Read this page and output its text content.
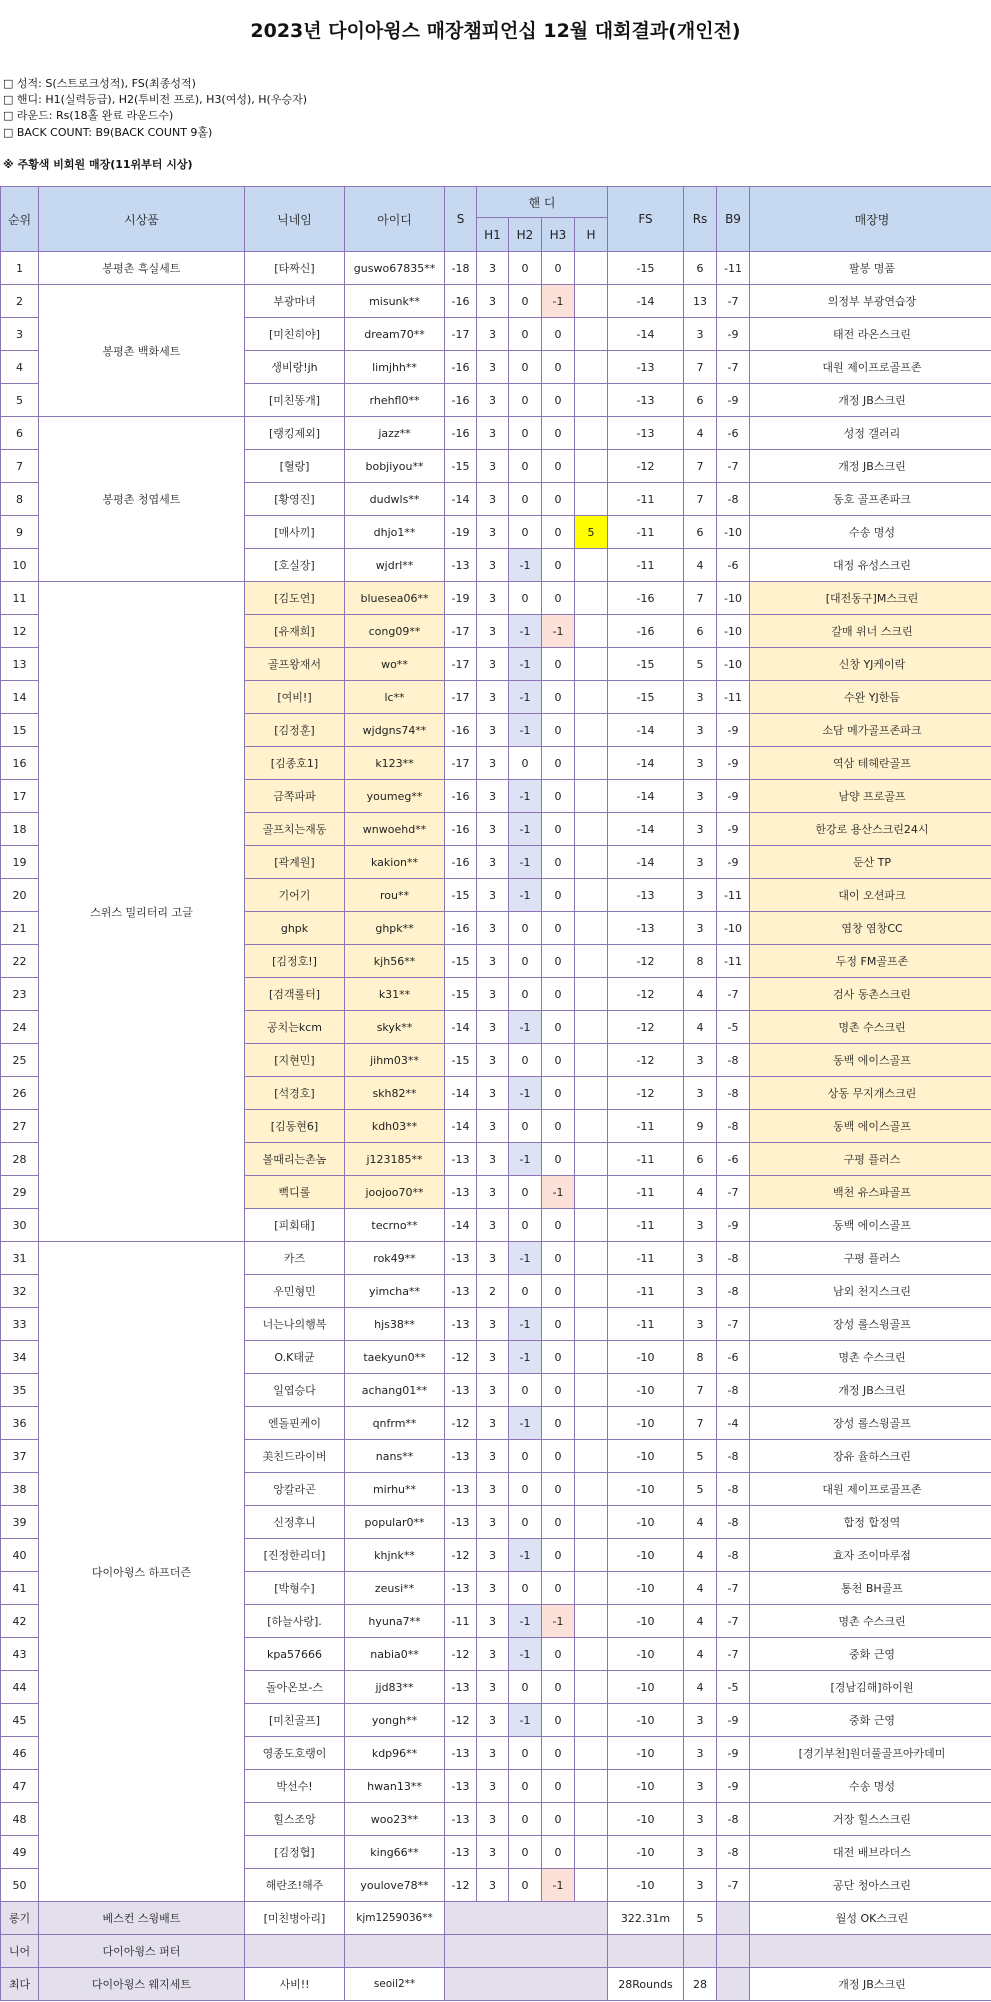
2023년 다이아윙스 매장챔피언십 12월 대회결과(개인전)
□ 성적: S(스트로크성적), FS(최종성적)
□ 핸디: H1(실력등급), H2(투비전 프로), H3(여성), H(우승자)
□ 라운드: Rs(18홀 완료 라운드수)
□ BACK COUNT: B9(BACK COUNT 9홀)
※ 주황색 비회원 매장(11위부터 시상)
순위	시상품	닉네임	아이디	S	핸 디				FS	Rs	B9	매장명
					H1	H2	H3	H				
1	봉평촌 흑실세트	[타짜신]	guswo67835**	-18	3	0	0		-15	6	-11	팔봉 명품
2	봉평촌 백화세트	부광마녀	misunk**	-16	3	0	-1		-14	13	-7	의정부 부광연습장
3		[미친히야]	dream70**	-17	3	0	0		-14	3	-9	태전 라온스크린
4		생비랑!jh	limjhh**	-16	3	0	0		-13	7	-7	대원 제이프로골프존
5		[미친똥개]	rhehfl0**	-16	3	0	0		-13	6	-9	개정 JB스크린
6	봉평촌 청엽세트	[랭킹제외]	jazz**	-16	3	0	0		-13	4	-6	성정 갤러리
7		[혈랑]	bobjiyou**	-15	3	0	0		-12	7	-7	개정 JB스크린
8		[황영진]	dudwls**	-14	3	0	0		-11	7	-8	동호 골프존파크
9		[매사끼]	dhjo1**	-19	3	0	0	5	-11	6	-10	수송 명성
10		[호실장]	wjdrl**	-13	3	-1	0		-11	4	-6	대정 유성스크린
11	스위스 밀리터리 고글	[김도연]	bluesea06**	-19	3	0	0		-16	7	-10	[대전동구]M스크린
12		[유재희]	cong09**	-17	3	-1	-1		-16	6	-10	갈매 위너 스크린
13		골프왕재서	wo**	-17	3	-1	0		-15	5	-10	신창 YJ케이락
14		[여비!]	lc**	-17	3	-1	0		-15	3	-11	수완 YJ한듬
15		[김정훈]	wjdgns74**	-16	3	-1	0		-14	3	-9	소담 메가골프존파크
16		[김종호1]	k123**	-17	3	0	0		-14	3	-9	역삼 테헤란골프
17		금쪽파파	youmeg**	-16	3	-1	0		-14	3	-9	남양 프로골프
18		골프치는재동	wnwoehd**	-16	3	-1	0		-14	3	-9	한강로 용산스크린24시
19		[곽계원]	kakion**	-16	3	-1	0		-14	3	-9	둔산 TP
20		기어기	rou**	-15	3	-1	0		-13	3	-11	대이 오션파크
21		ghpk	ghpk**	-16	3	0	0		-13	3	-10	염창 염창CC
22		[김정호!]	kjh56**	-15	3	0	0		-12	8	-11	두정 FM골프존
23		[검객롤터]	k31**	-15	3	0	0		-12	4	-7	검사 동촌스크린
24		공치는kcm	skyk**	-14	3	-1	0		-12	4	-5	명촌 수스크린
25		[지현민]	jihm03**	-15	3	0	0		-12	3	-8	동백 에이스골프
26		[석경호]	skh82**	-14	3	-1	0		-12	3	-8	상동 무지개스크린
27		[김동현6]	kdh03**	-14	3	0	0		-11	9	-8	동백 에이스골프
28		볼때리는촌놈	j123185**	-13	3	-1	0		-11	6	-6	구평 플러스
29		뻑디롤	joojoo70**	-13	3	0	-1		-11	4	-7	백천 유스파골프
30		[피회태]	tecrno**	-14	3	0	0		-11	3	-9	동백 에이스골프
31	다이아윙스 하프더즌	카즈	rok49**	-13	3	-1	0		-11	3	-8	구평 플러스
32		우민형민	yimcha**	-13	2	0	0		-11	3	-8	남외 천지스크린
33		너는나의행복	hjs38**	-13	3	-1	0		-11	3	-7	장성 롤스윙골프
34		O.K태균	taekyun0**	-12	3	-1	0		-10	8	-6	명촌 수스크린
35		일엽승다	achang01**	-13	3	0	0		-10	7	-8	개정 JB스크린
36		엔돌핀케이	qnfrm**	-12	3	-1	0		-10	7	-4	장성 롤스윙골프
37		美친드라이버	nans**	-13	3	0	0		-10	5	-8	장유 율하스크린
38		앙칼라곤	mirhu**	-13	3	0	0		-10	5	-8	대원 제이프로골프존
39		신정후니	popular0**	-13	3	0	0		-10	4	-8	합정 합정역
40		[진정한리더]	khjnk**	-12	3	-1	0		-10	4	-8	효자 조이마루점
41		[박형수]	zeusi**	-13	3	0	0		-10	4	-7	통천 BH골프
42		[하늘사랑].	hyuna7**	-11	3	-1	-1		-10	4	-7	명촌 수스크린
43		kpa57666	nabia0**	-12	3	-1	0		-10	4	-7	중화 근영
44		돌아온보-스	jjd83**	-13	3	0	0		-10	4	-5	[경남김해]하이원
45		[미친골프]	yongh**	-12	3	-1	0		-10	3	-9	중화 근영
46		영종도호랭이	kdp96**	-13	3	0	0		-10	3	-9	[경기부천]원더풀골프아카데미
47		박선수!	hwan13**	-13	3	0	0		-10	3	-9	수송 명성
48		힐스조앙	woo23**	-13	3	0	0		-10	3	-8	거장 힐스스크린
49		[김정협]	king66**	-13	3	0	0		-10	3	-8	대전 배브라더스
50		해란조!해주	youlove78**	-12	3	0	-1		-10	3	-7	공단 청아스크린
롱기	베스컨 스윙배트	[미친병아리]	kjm1259036**						322.31m	5		월성 OK스크린
니어	다이아윙스 퍼터											
최다	다이아윙스 웨지세트	사비!!	seoil2**						28Rounds	28		개정 JB스크린
